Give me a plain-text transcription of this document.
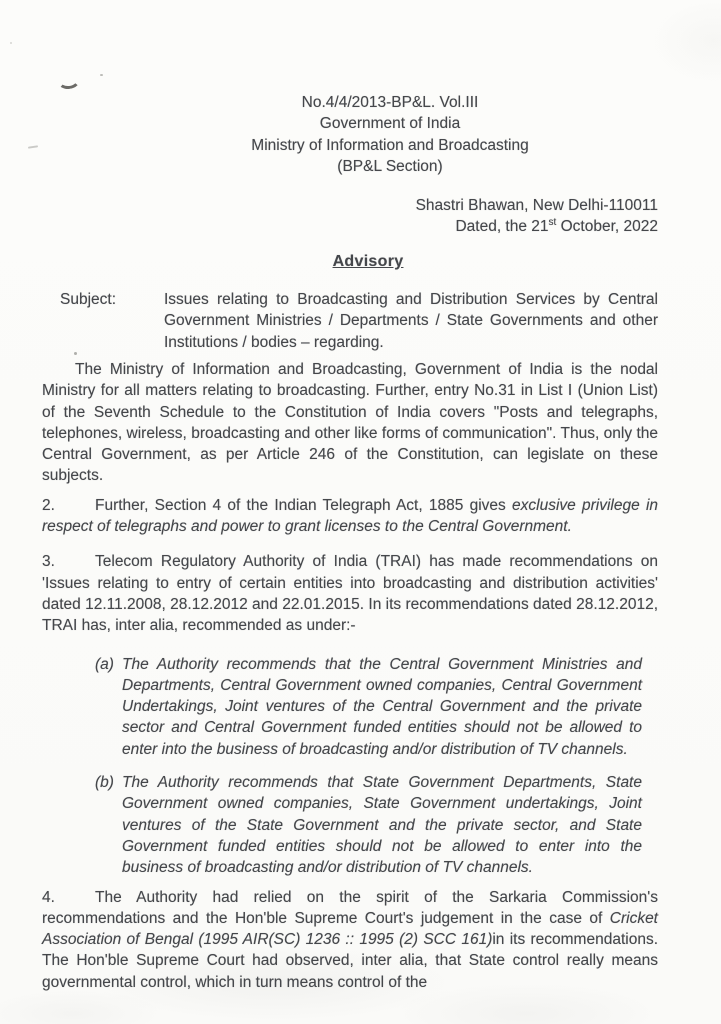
No.4/4/2013-BP&L. Vol.III
Government of India
Ministry of Information and Broadcasting
(BP&L Section)
Shastri Bhawan, New Delhi-110011
Dated, the 21st October, 2022
Advisory
Subject:	Issues relating to Broadcasting and Distribution Services by Central Government Ministries / Departments / State Governments and other Institutions / bodies – regarding.

The Ministry of Information and Broadcasting, Government of India is the nodal Ministry for all matters relating to broadcasting. Further, entry No.31 in List I (Union List) of the Seventh Schedule to the Constitution of India covers "Posts and telegraphs, telephones, wireless, broadcasting and other like forms of communication". Thus, only the Central Government, as per Article 246 of the Constitution, can legislate on these subjects.

2.	Further, Section 4 of the Indian Telegraph Act, 1885 gives exclusive privilege in respect of telegraphs and power to grant licenses to the Central Government.

3.	Telecom Regulatory Authority of India (TRAI) has made recommendations on 'Issues relating to entry of certain entities into broadcasting and distribution activities' dated 12.11.2008, 28.12.2012 and 22.01.2015. In its recommendations dated 28.12.2012, TRAI has, inter alia, recommended as under:-

(a) The Authority recommends that the Central Government Ministries and Departments, Central Government owned companies, Central Government Undertakings, Joint ventures of the Central Government and the private sector and Central Government funded entities should not be allowed to enter into the business of broadcasting and/or distribution of TV channels.
(b) The Authority recommends that State Government Departments, State Government owned companies, State Government undertakings, Joint ventures of the State Government and the private sector, and State Government funded entities should not be allowed to enter into the business of broadcasting and/or distribution of TV channels.

4.	The Authority had relied on the spirit of the Sarkaria Commission's recommendations and the Hon'ble Supreme Court's judgement in the case of Cricket Association of Bengal (1995 AIR(SC) 1236 :: 1995 (2) SCC 161)in its recommendations. The Hon'ble Supreme Court had observed, inter alia, that State control really means governmental control, which in turn means control of the
